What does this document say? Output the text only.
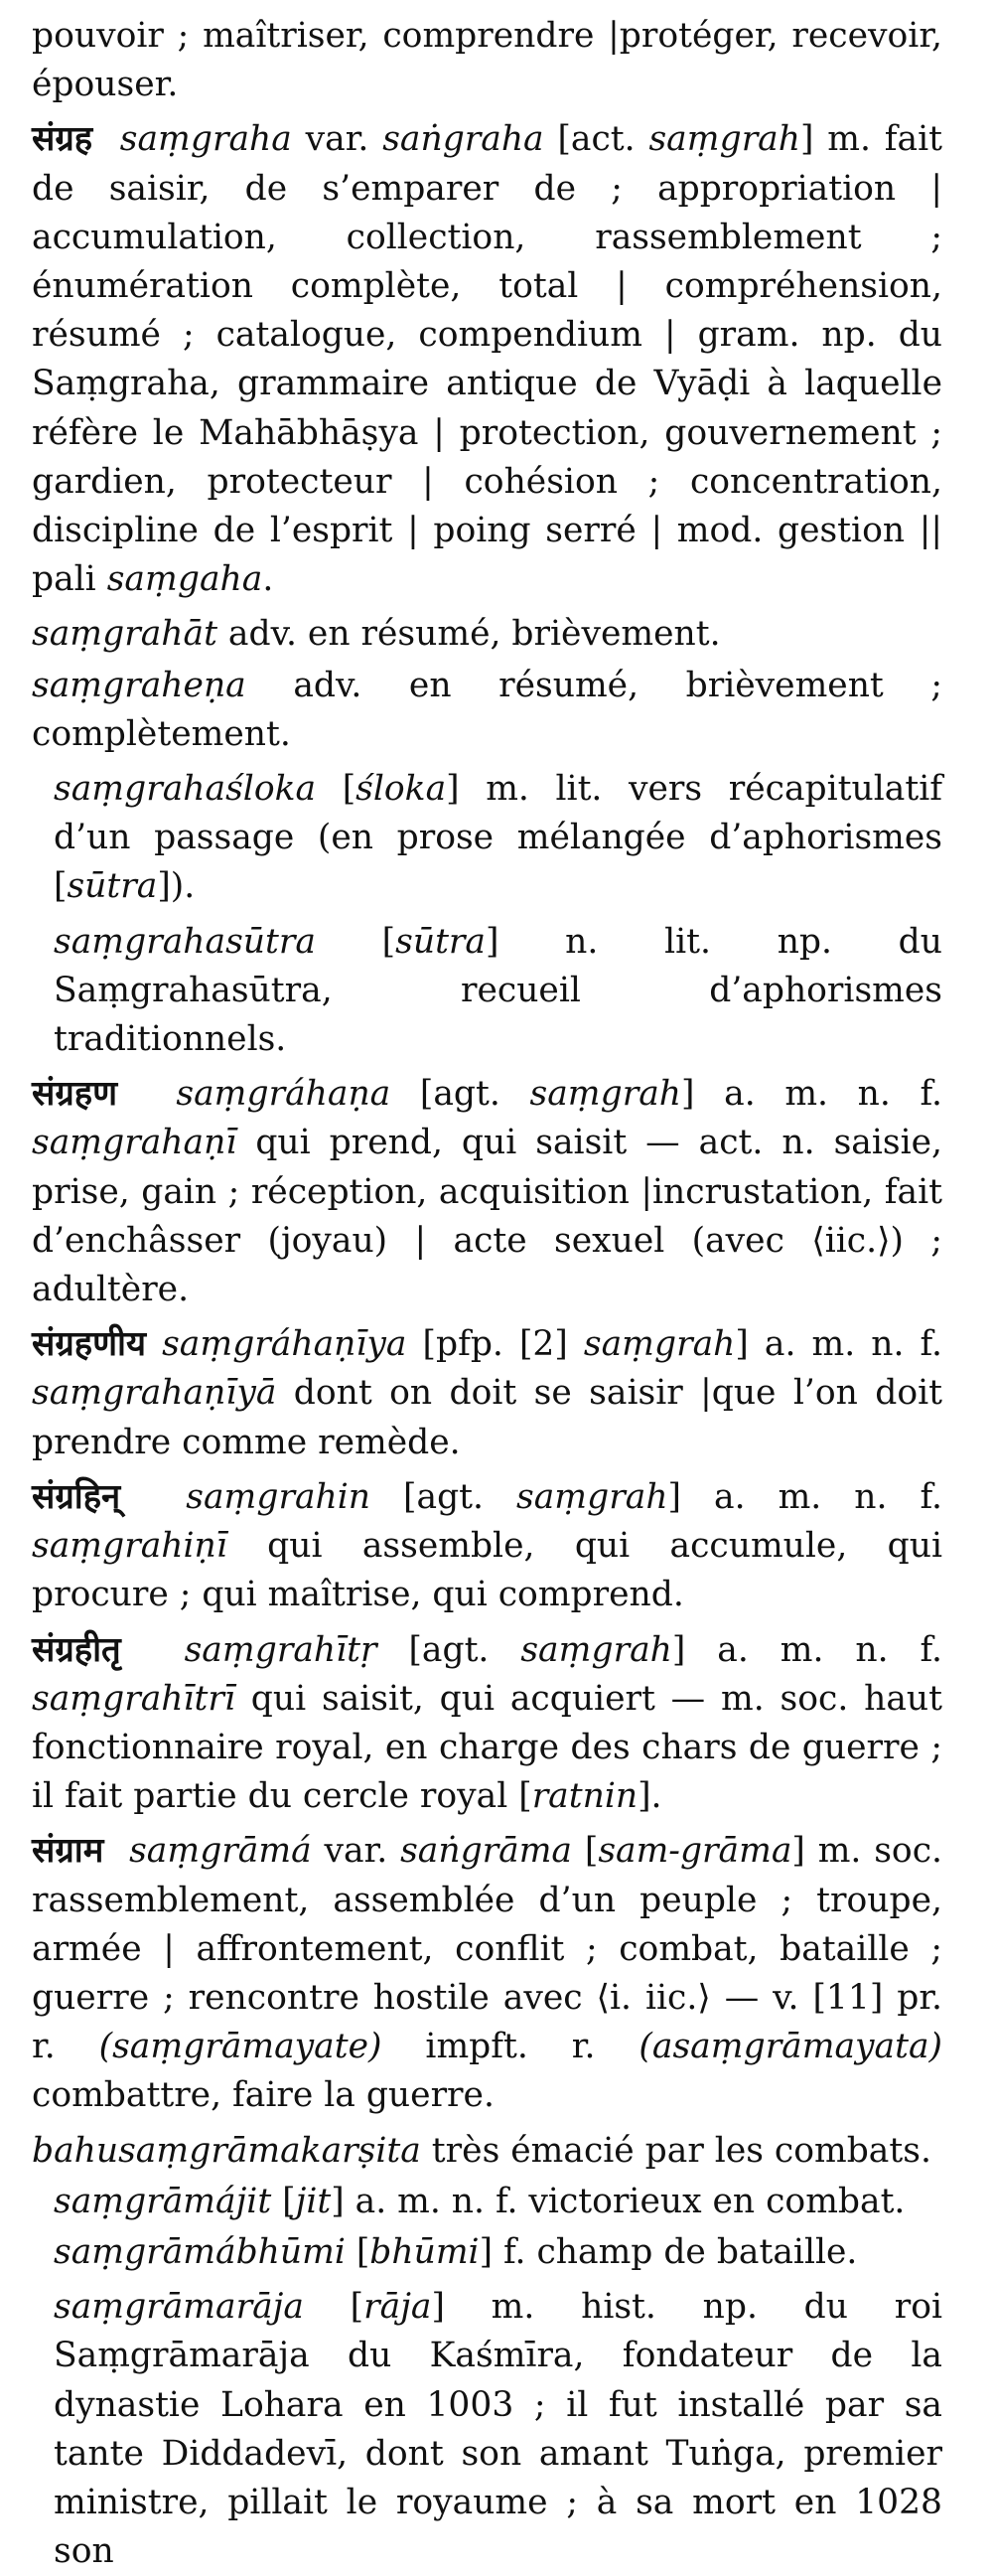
pouvoir ; maîtriser, comprendre |protéger, recevoir, épouser.

संग्रह saṃgraha var. saṅgraha [act. saṃgrah] m. fait de saisir, de s’emparer de ; appropriation | accumulation, collection, rassemblement ; énumération complète, total | compréhension, résumé ; catalogue, compendium | gram. np. du Saṃgraha, grammaire antique de Vyāḍi à laquelle réfère le Mahābhāṣya | protection, gouvernement ; gardien, protecteur | cohésion ; concentration, discipline de l’esprit | poing serré | mod. gestion || pali saṃgaha.

saṃgrahāt adv. en résumé, brièvement.

saṃgraheṇa adv. en résumé, brièvement ; complètement.

saṃgrahaśloka [śloka] m. lit. vers récapitulatif d’un passage (en prose mélangée d’aphorismes [sūtra]).

saṃgrahasūtra [sūtra] n. lit. np. du Saṃgrahasūtra, recueil d’aphorismes traditionnels.

संग्रहण saṃgráhaṇa [agt. saṃgrah] a. m. n. f. saṃgrahaṇī qui prend, qui saisit — act. n. saisie, prise, gain ; réception, acquisition |incrustation, fait d’enchâsser (joyau) | acte sexuel (avec ⟨iic.⟩) ; adultère.

संग्रहणीय saṃgráhaṇīya [pfp. [2] saṃgrah] a. m. n. f. saṃgrahaṇīyā dont on doit se saisir |que l’on doit prendre comme remède.

संग्रहिन् saṃgrahin [agt. saṃgrah] a. m. n. f. saṃgrahiṇī qui assemble, qui accumule, qui procure ; qui maîtrise, qui comprend.

संग्रहीतृ saṃgrahītṛ [agt. saṃgrah] a. m. n. f. saṃgrahītrī qui saisit, qui acquiert — m. soc. haut fonctionnaire royal, en charge des chars de guerre ; il fait partie du cercle royal [ratnin].

संग्राम saṃgrāmá var. saṅgrāma [sam-grāma] m. soc. rassemblement, assemblée d’un peuple ; troupe, armée | affrontement, conflit ; combat, bataille ; guerre ; rencontre hostile avec ⟨i. iic.⟩ — v. [11] pr. r. (saṃgrāmayate) impft. r. (asaṃgrāmayata) combattre, faire la guerre.

bahusaṃgrāmakarṣita très émacié par les combats.

saṃgrāmájit [jit] a. m. n. f. victorieux en combat.

saṃgrāmábhūmi [bhūmi] f. champ de bataille.

saṃgrāmarāja [rāja] m. hist. np. du roi Saṃgrāmarāja du Kaśmīra, fondateur de la dynastie Lohara en 1003 ; il fut installé par sa tante Diddadevī, dont son amant Tuṅga, premier ministre, pillait le royaume ; à sa mort en 1028 son
